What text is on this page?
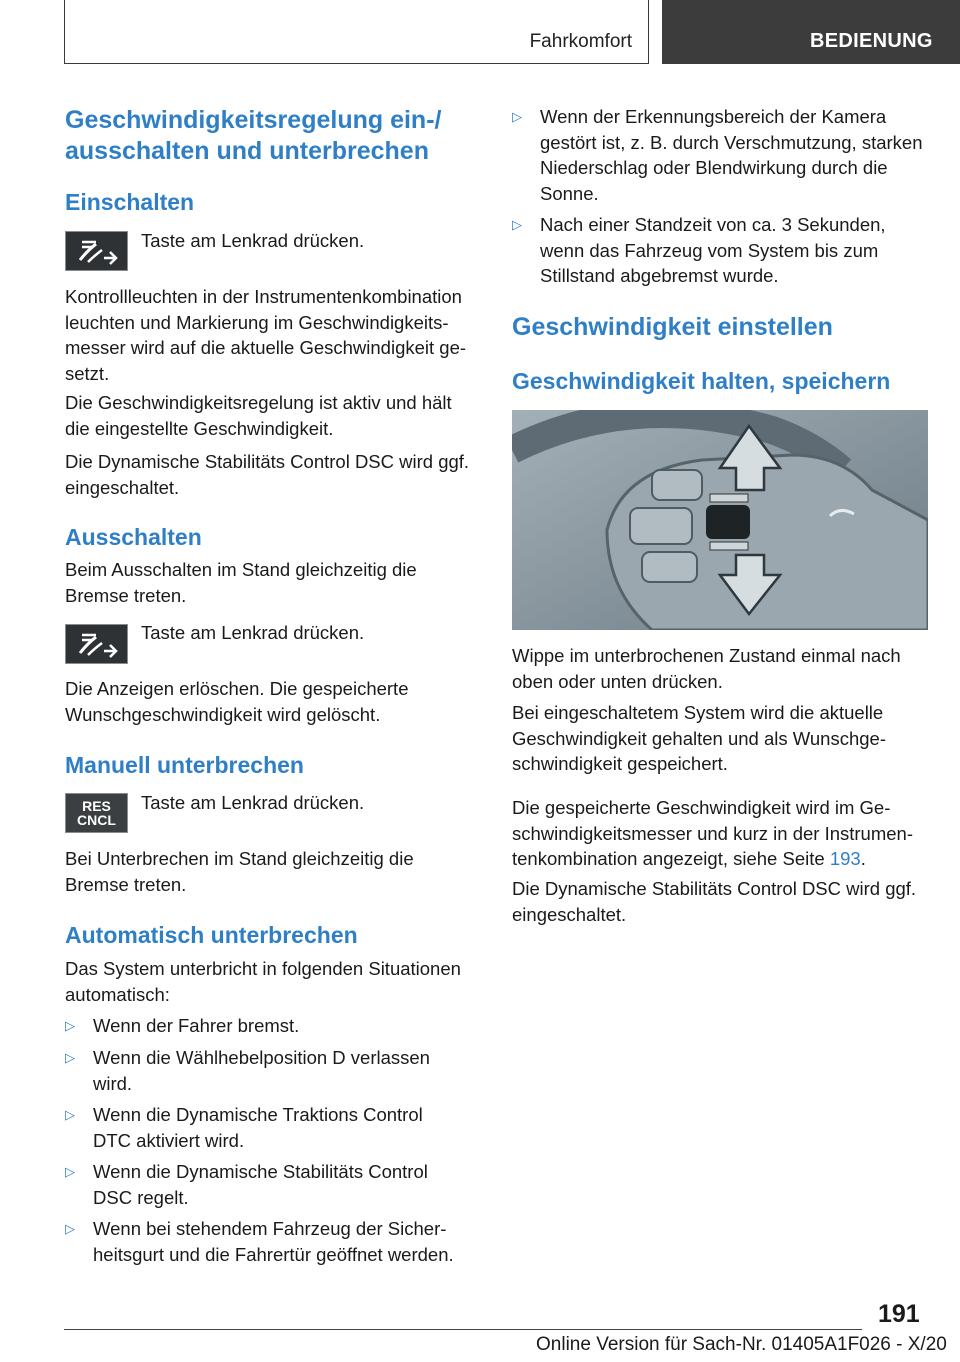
Fahrkomfort	BEDIENUNG
Geschwindigkeitsregelung ein-/ ausschalten und unterbrechen
Einschalten

Taste am Lenkrad drücken.

Kontrollleuchten in der Instrumentenkombination leuchten und Markierung im Geschwindigkeitsmesser wird auf die aktuelle Geschwindigkeit gesetzt.

Die Geschwindigkeitsregelung ist aktiv und hält die eingestellte Geschwindigkeit.

Die Dynamische Stabilitäts Control DSC wird ggf. eingeschaltet.

Ausschalten

Beim Ausschalten im Stand gleichzeitig die Bremse treten.

Taste am Lenkrad drücken.

Die Anzeigen erlöschen. Die gespeicherte Wunschgeschwindigkeit wird gelöscht.

Manuell unterbrechen
RES
CNCL

Taste am Lenkrad drücken.

Bei Unterbrechen im Stand gleichzeitig die Bremse treten.

Automatisch unterbrechen

Das System unterbricht in folgenden Situationen automatisch:

▷ Wenn der Fahrer bremst.
▷ Wenn die Wählhebelposition D verlassen wird.
▷ Wenn die Dynamische Traktions Control DTC aktiviert wird.
▷ Wenn die Dynamische Stabilitäts Control DSC regelt.
▷ Wenn bei stehendem Fahrzeug der Sicherheitsgurt und die Fahrertür geöffnet werden.
▷ Wenn der Erkennungsbereich der Kamera gestört ist, z. B. durch Verschmutzung, starken Niederschlag oder Blendwirkung durch die Sonne.
▷ Nach einer Standzeit von ca. 3 Sekunden, wenn das Fahrzeug vom System bis zum Stillstand abgebremst wurde.
Geschwindigkeit einstellen
Geschwindigkeit halten, speichern

Wippe im unterbrochenen Zustand einmal nach oben oder unten drücken.

Bei eingeschaltetem System wird die aktuelle Geschwindigkeit gehalten und als Wunschgeschwindigkeit gespeichert.

Die gespeicherte Geschwindigkeit wird im Geschwindigkeitsmesser und kurz in der Instrumentenkombination angezeigt, siehe Seite 193.

Die Dynamische Stabilitäts Control DSC wird ggf. eingeschaltet.

191
Online Version für Sach-Nr. 01405A1F026 - X/20
